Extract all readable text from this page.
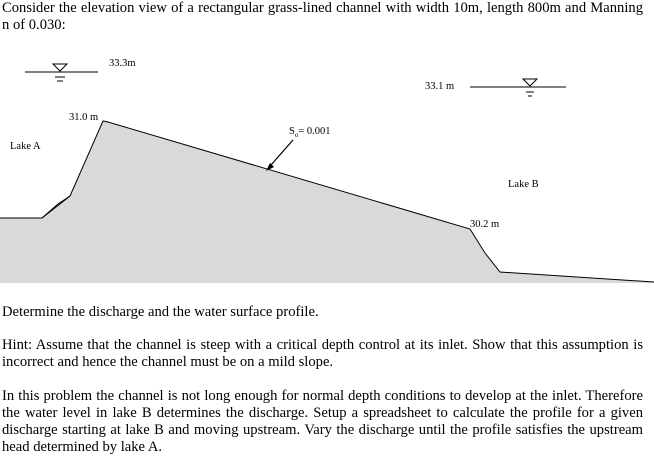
Consider the elevation view of a rectangular grass-lined channel with width 10m, length 800m and Manning n of 0.030:

33.3m
33.1 m
31.0 m
30.2 m
$S_o= 0.001$
Lake A
Lake B

Determine the discharge and the water surface profile.

Hint: Assume that the channel is steep with a critical depth control at its inlet. Show that this assumption is incorrect and hence the channel must be on a mild slope.

In this problem the channel is not long enough for normal depth conditions to develop at the inlet. Therefore the water level in lake B determines the discharge. Setup a spreadsheet to calculate the profile for a given discharge starting at lake B and moving upstream. Vary the discharge until the profile satisfies the upstream head determined by lake A.
